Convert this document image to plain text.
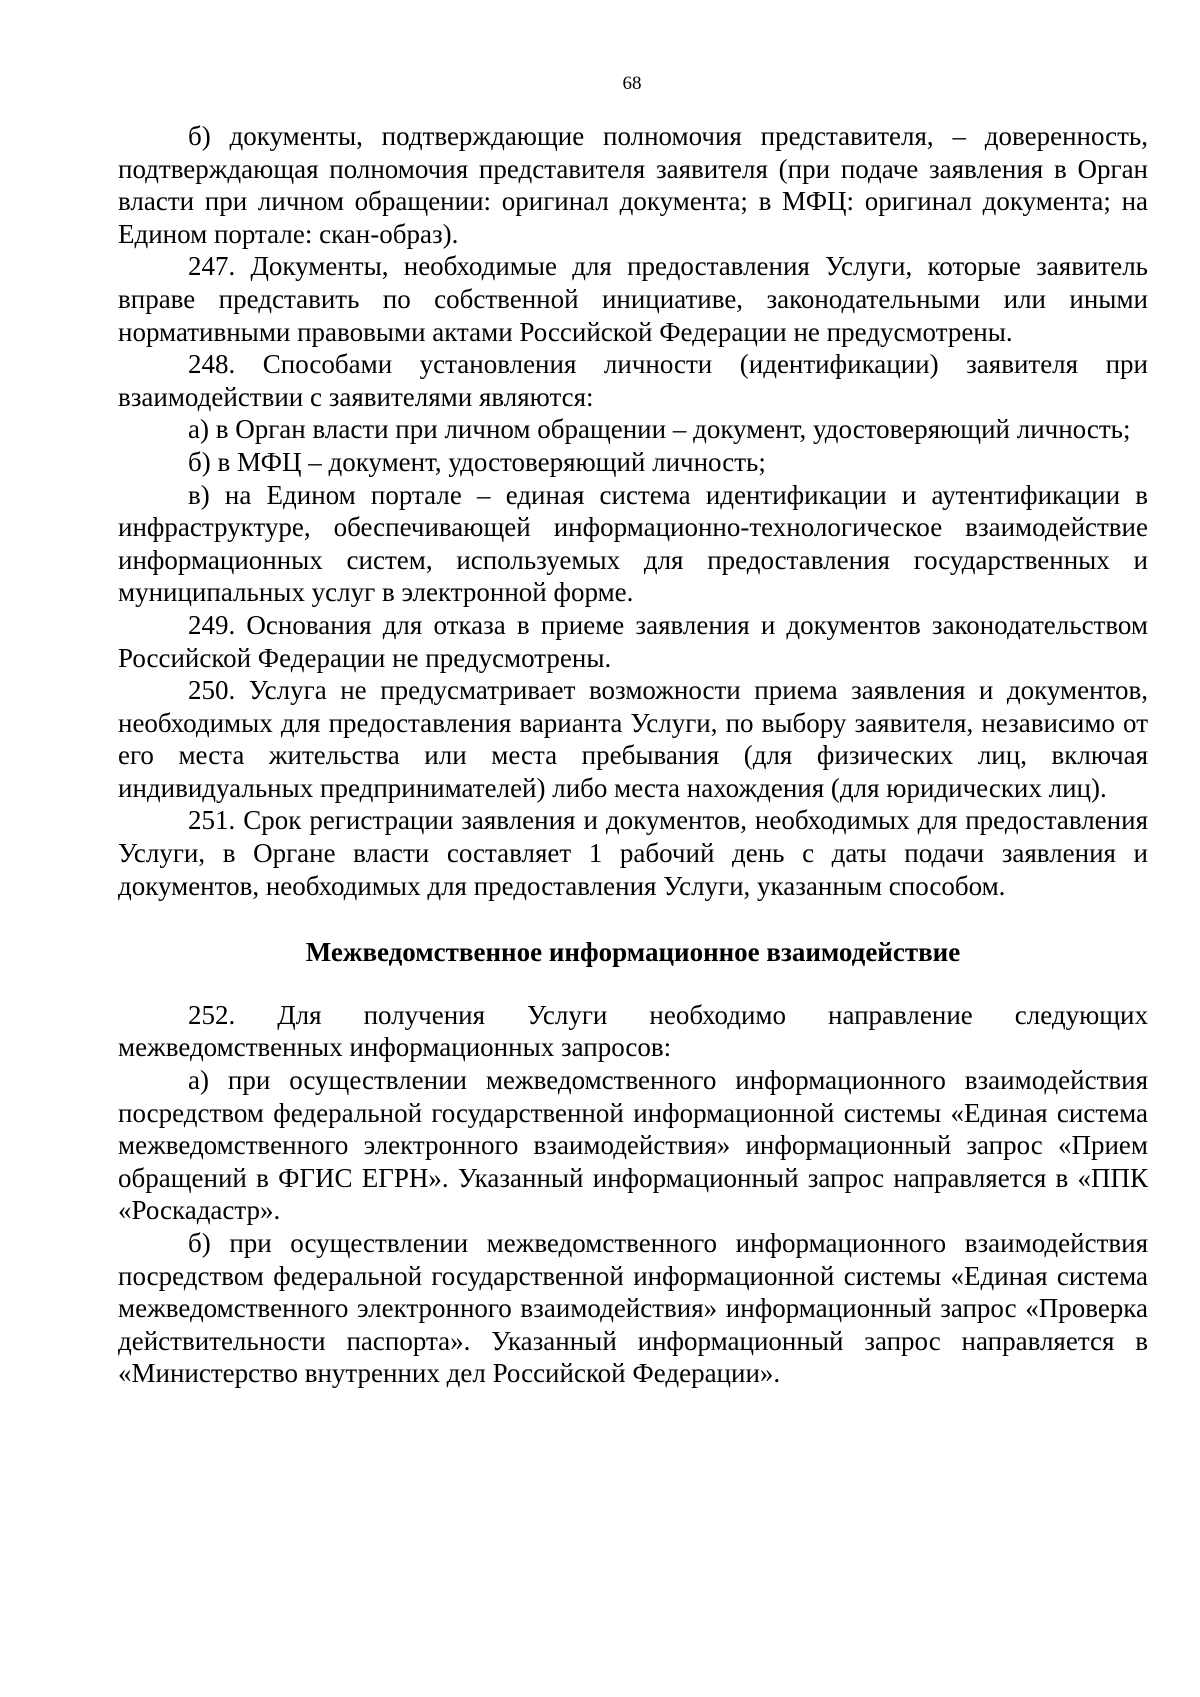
68

б) документы, подтверждающие полномочия представителя, – доверенность, подтверждающая полномочия представителя заявителя (при подаче заявления в Орган власти при личном обращении: оригинал документа; в МФЦ: оригинал документа; на Едином портале: скан-образ).

247. Документы, необходимые для предоставления Услуги, которые заявитель вправе представить по собственной инициативе, законодательными или иными нормативными правовыми актами Российской Федерации не предусмотрены.

248. Способами установления личности (идентификации) заявителя при взаимодействии с заявителями являются:

а) в Орган власти при личном обращении – документ, удостоверяющий личность;

б) в МФЦ – документ, удостоверяющий личность;

в) на Едином портале – единая система идентификации и аутентификации в инфраструктуре, обеспечивающей информационно-технологическое взаимодействие информационных систем, используемых для предоставления государственных и муниципальных услуг в электронной форме.

249. Основания для отказа в приеме заявления и документов законодательством Российской Федерации не предусмотрены.

250. Услуга не предусматривает возможности приема заявления и документов, необходимых для предоставления варианта Услуги, по выбору заявителя, независимо от его места жительства или места пребывания (для физических лиц, включая индивидуальных предпринимателей) либо места нахождения (для юридических лиц).

251. Срок регистрации заявления и документов, необходимых для предоставления Услуги, в Органе власти составляет 1 рабочий день с даты подачи заявления и документов, необходимых для предоставления Услуги, указанным способом.

Межведомственное информационное взаимодействие

252. Для получения Услуги необходимо направление следующих межведомственных информационных запросов:

а) при осуществлении межведомственного информационного взаимодействия посредством федеральной государственной информационной системы «Единая система межведомственного электронного взаимодействия» информационный запрос «Прием обращений в ФГИС ЕГРН». Указанный информационный запрос направляется в «ППК «Роскадастр».

б) при осуществлении межведомственного информационного взаимодействия посредством федеральной государственной информационной системы «Единая система межведомственного электронного взаимодействия» информационный запрос «Проверка действительности паспорта». Указанный информационный запрос направляется в «Министерство внутренних дел Российской Федерации».
